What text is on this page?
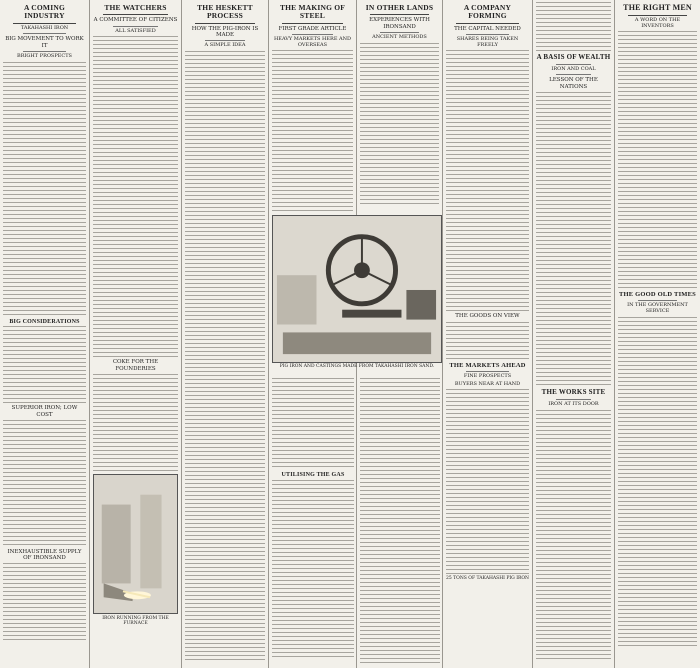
A COMING INDUSTRY
TAKAHASHI IRON
BIG MOVEMENT TO WORK IT
BRIGHT PROSPECTS
BIG CONSIDERATIONS
SUPERIOR IRON; LOW COST
INEXHAUSTIBLE SUPPLY OF IRONSAND
THE WATCHERS
A COMMITTEE OF CITIZENS
ALL SATISFIED
COKE FOR THE FOUNDERIES
IRON RUNNING FROM THE FURNACE
THE HESKETT PROCESS
HOW THE PIG-IRON IS MADE
A SIMPLE IDEA
THE MAKING OF STEEL
FIRST GRADE ARTICLE
HEAVY MARKETS HERE AND OVERSEAS
IN OTHER LANDS
EXPERIENCES WITH IRONSAND
ANCIENT METHODS
PIG IRON AND CASTINGS MADE FROM TAKAHASHI IRON SAND.
UTILISING THE GAS
A COMPANY FORMING
THE CAPITAL NEEDED
SHARES BEING TAKEN FREELY
THE GOODS ON VIEW
THE MARKETS AHEAD
FINE PROSPECTS
BUYERS NEAR AT HAND
25 TONS OF TAKAHASHI PIG IRON
A BASIS OF WEALTH
IRON AND COAL
LESSON OF THE NATIONS
THE WORKS SITE
IRON AT ITS DOOR
THE RIGHT MEN
A WORD ON THE INVENTORS
THE GOOD OLD TIMES
IN THE GOVERNMENT SERVICE
